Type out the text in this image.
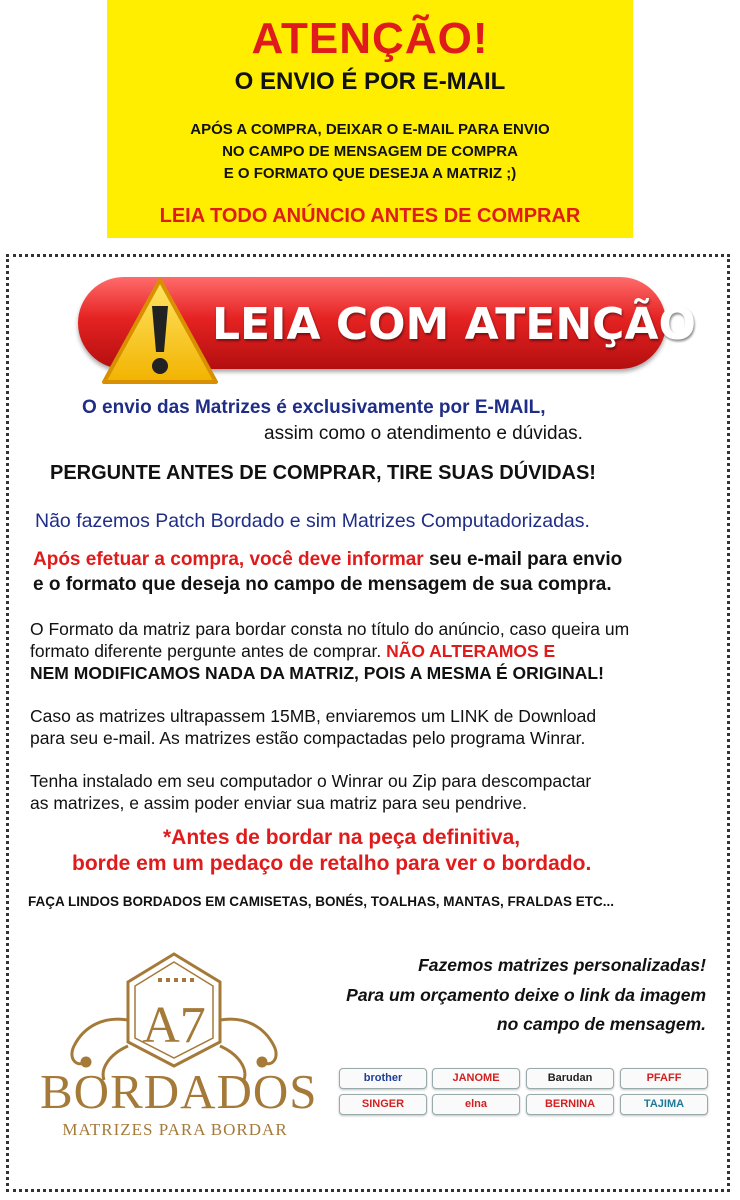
ATENÇÃO!
O ENVIO É POR E-MAIL
APÓS A COMPRA, DEIXAR O E-MAIL PARA ENVIO
NO CAMPO DE MENSAGEM DE COMPRA
E O FORMATO QUE DESEJA A MATRIZ ;)
LEIA TODO ANÚNCIO ANTES DE COMPRAR
LEIA COM ATENÇÃO
O envio das Matrizes é exclusivamente por E-MAIL,
assim como o atendimento e dúvidas.
PERGUNTE ANTES DE COMPRAR, TIRE SUAS DÚVIDAS!
Não fazemos Patch Bordado e sim Matrizes Computadorizadas.
Após efetuar a compra, você deve informar seu e-mail para envio
e o formato que deseja no campo de mensagem de sua compra.
O Formato da matriz para bordar consta no título do anúncio, caso queira um
formato diferente pergunte antes de comprar. NÃO ALTERAMOS E
NEM MODIFICAMOS NADA DA MATRIZ, POIS A MESMA É ORIGINAL!
Caso as matrizes ultrapassem 15MB, enviaremos um LINK de Download
para seu e-mail. As matrizes estão compactadas pelo programa Winrar.
Tenha instalado em seu computador o Winrar ou Zip para descompactar
as matrizes, e assim poder enviar sua matriz para seu pendrive.
*Antes de bordar na peça definitiva,
borde em um pedaço de retalho para ver o bordado.
FAÇA LINDOS BORDADOS EM CAMISETAS, BONÉS, TOALHAS, MANTAS, FRALDAS ETC...
Fazemos matrizes personalizadas!
Para um orçamento deixe o link da imagem
no campo de mensagem.
A7
BORDADOS
MATRIZES PARA BORDAR
brother	JANOME	Barudan	PFAFF
SINGER	elna	BERNINA	TAJIMA
